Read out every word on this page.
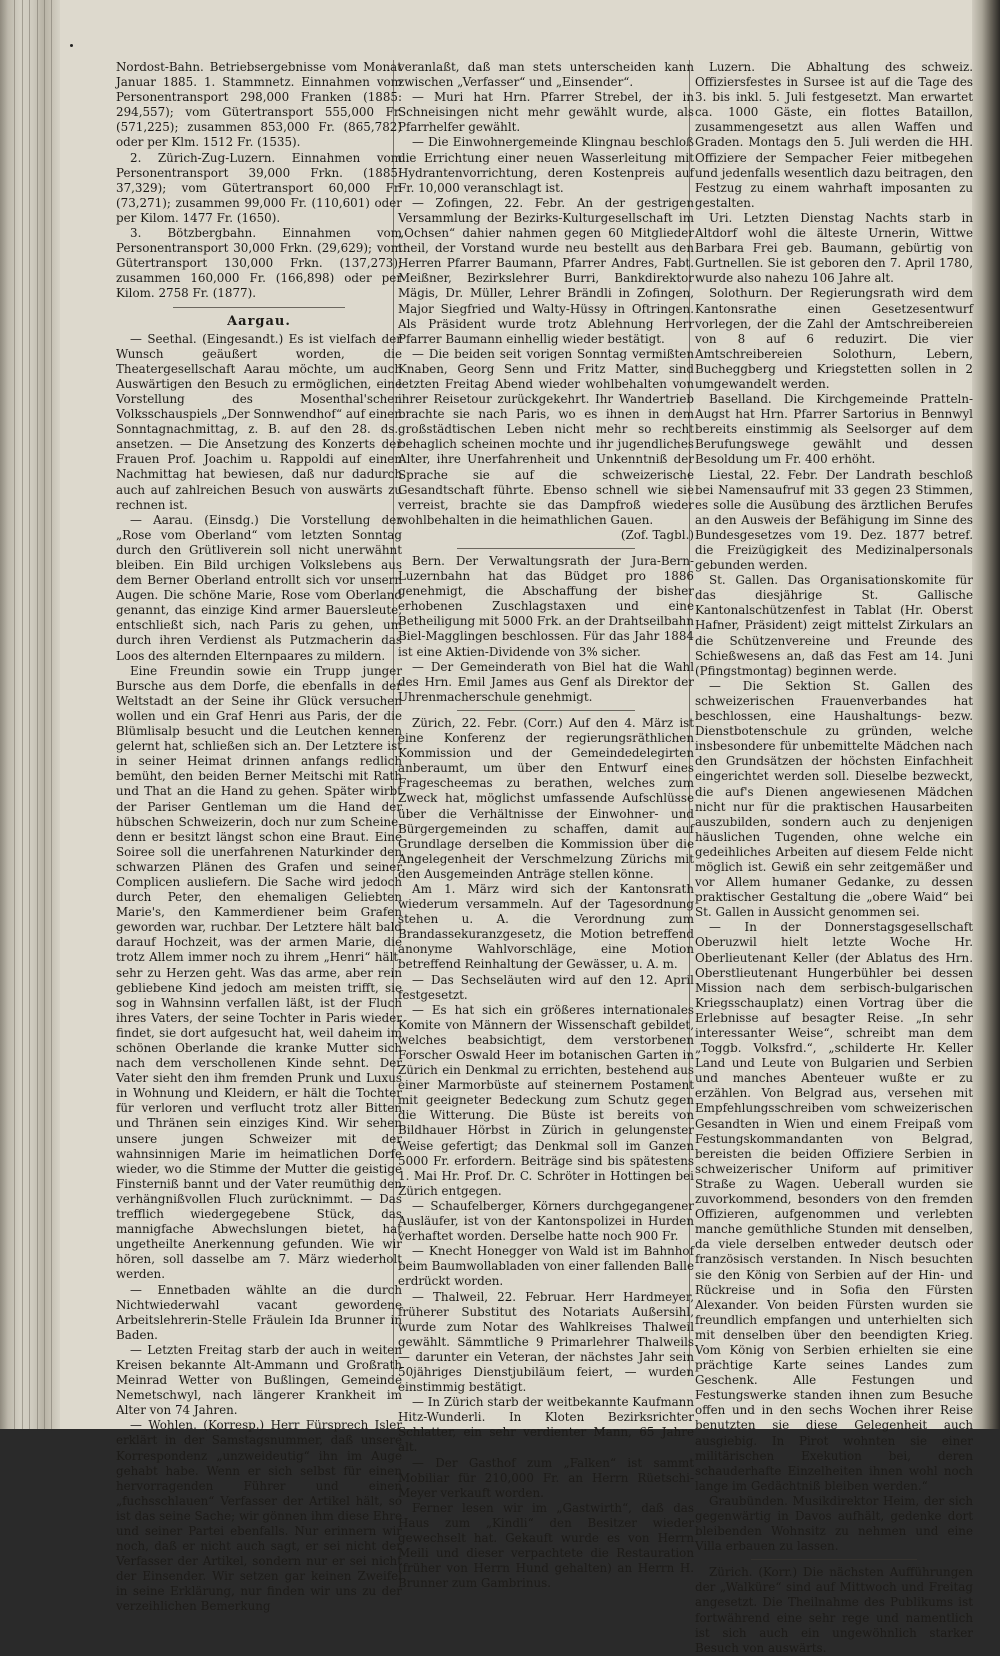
Nordost-Bahn. Betriebsergebnisse vom Monat Januar 1885. 1. Stammnetz. Einnahmen vom Personentransport 298,000 Franken (1885: 294,557); vom Gütertransport 555,000 Fr. (571,225); zusammen 853,000 Fr. (865,782) oder per Klm. 1512 Fr. (1535).

2. Zürich-Zug-Luzern. Einnahmen vom Personentransport 39,000 Frkn. (1885: 37,329); vom Gütertransport 60,000 Fr. (73,271); zusammen 99,000 Fr. (110,601) oder per Kilom. 1477 Fr. (1650).

3. Bötzbergbahn. Einnahmen vom Personentransport 30,000 Frkn. (29,629); vom Gütertransport 130,000 Frkn. (137,273); zusammen 160,000 Fr. (166,898) oder per Kilom. 2758 Fr. (1877).

Aargau.

— Seethal. (Eingesandt.) Es ist vielfach der Wunsch geäußert worden, die Theatergesellschaft Aarau möchte, um auch Auswärtigen den Besuch zu ermöglichen, eine Vorstellung des Mosenthal'schen Volksschauspiels „Der Sonnwendhof“ auf einen Sonntagnachmittag, z. B. auf den 28. ds., ansetzen. — Die Ansetzung des Konzerts der Frauen Prof. Joachim u. Rappoldi auf einen Nachmittag hat bewiesen, daß nur dadurch auch auf zahlreichen Besuch von auswärts zu rechnen ist.

— Aarau. (Einsdg.) Die Vorstellung der „Rose vom Oberland“ vom letzten Sonntag durch den Grütliverein soll nicht unerwähnt bleiben. Ein Bild urchigen Volkslebens aus dem Berner Oberland entrollt sich vor unsern Augen. Die schöne Marie, Rose vom Oberland genannt, das einzige Kind armer Bauersleute, entschließt sich, nach Paris zu gehen, um durch ihren Verdienst als Putzmacherin das Loos des alternden Elternpaares zu mildern.

Eine Freundin sowie ein Trupp junger Bursche aus dem Dorfe, die ebenfalls in der Weltstadt an der Seine ihr Glück versuchen wollen und ein Graf Henri aus Paris, der die Blümlisalp besucht und die Leutchen kennen gelernt hat, schließen sich an. Der Letztere ist in seiner Heimat drinnen anfangs redlich bemüht, den beiden Berner Meitschi mit Rath und That an die Hand zu gehen. Später wirbt der Pariser Gentleman um die Hand der hübschen Schweizerin, doch nur zum Scheine, denn er besitzt längst schon eine Braut. Eine Soiree soll die unerfahrenen Naturkinder den schwarzen Plänen des Grafen und seiner Complicen ausliefern. Die Sache wird jedoch durch Peter, den ehemaligen Geliebten Marie's, den Kammerdiener beim Grafen geworden war, ruchbar. Der Letztere hält bald darauf Hochzeit, was der armen Marie, die trotz Allem immer noch zu ihrem „Henri“ hält, sehr zu Herzen geht. Was das arme, aber rein gebliebene Kind jedoch am meisten trifft, sie sog in Wahnsinn verfallen läßt, ist der Fluch ihres Vaters, der seine Tochter in Paris wieder findet, sie dort aufgesucht hat, weil daheim im schönen Oberlande die kranke Mutter sich nach dem verschollenen Kinde sehnt. Der Vater sieht den ihm fremden Prunk und Luxus in Wohnung und Kleidern, er hält die Tochter für verloren und verflucht trotz aller Bitten und Thränen sein einziges Kind. Wir sehen unsere jungen Schweizer mit der wahnsinnigen Marie im heimatlichen Dorfe wieder, wo die Stimme der Mutter die geistige Finsterniß bannt und der Vater reumüthig den verhängnißvollen Fluch zurücknimmt. — Das trefflich wiedergegebene Stück, das mannigfache Abwechslungen bietet, hat ungetheilte Anerkennung gefunden. Wie wir hören, soll dasselbe am 7. März wiederholt werden.

— Ennetbaden wählte an die durch Nichtwiederwahl vacant gewordene Arbeitslehrerin-Stelle Fräulein Ida Brunner in Baden.

— Letzten Freitag starb der auch in weiten Kreisen bekannte Alt-Ammann und Großrath Meinrad Wetter von Bußlingen, Gemeinde Nemetschwyl, nach längerer Krankheit im Alter von 74 Jahren.

— Wohlen. (Korresp.) Herr Fürsprech Isler erklärt in der Samstagsnummer, daß unsere Korrespondenz „unzweideutig“ ihn im Auge gehabt habe. Wenn er sich selbst für einen hervorragenden Führer und einen „fuchsschlauen“ Verfasser der Artikel hält, so ist das seine Sache; wir gönnen ihm diese Ehre und seiner Partei ebenfalls. Nur erinnern wir noch, daß er nicht auch sagt, er sei nicht der Verfasser der Artikel, sondern nur er sei nicht der Einsender. Wir setzen gar keinen Zweifel in seine Erklärung, nur finden wir uns zu der verzeihlichen Bemerkung

veranlaßt, daß man stets unterscheiden kann zwischen „Verfasser“ und „Einsender“.

— Muri hat Hrn. Pfarrer Strebel, der in Schneisingen nicht mehr gewählt wurde, als Pfarrhelfer gewählt.

— Die Einwohnergemeinde Klingnau beschloß die Errichtung einer neuen Wasserleitung mit Hydrantenvorrichtung, deren Kostenpreis auf Fr. 10,000 veranschlagt ist.

— Zofingen, 22. Febr. An der gestrigen Versammlung der Bezirks-Kulturgesellschaft im „Ochsen“ dahier nahmen gegen 60 Mitglieder theil, der Vorstand wurde neu bestellt aus den Herren Pfarrer Baumann, Pfarrer Andres, Fabt. Meißner, Bezirkslehrer Burri, Bankdirektor Mägis, Dr. Müller, Lehrer Brändli in Zofingen, Major Siegfried und Walty-Hüssy in Oftringen. Als Präsident wurde trotz Ablehnung Herr Pfarrer Baumann einhellig wieder bestätigt.

— Die beiden seit vorigen Sonntag vermißten Knaben, Georg Senn und Fritz Matter, sind letzten Freitag Abend wieder wohlbehalten von ihrer Reisetour zurückgekehrt. Ihr Wandertrieb brachte sie nach Paris, wo es ihnen in dem großstädtischen Leben nicht mehr so recht behaglich scheinen mochte und ihr jugendliches Alter, ihre Unerfahrenheit und Unkenntniß der Sprache sie auf die schweizerische Gesandtschaft führte. Ebenso schnell wie sie verreist, brachte sie das Dampfroß wieder wohlbehalten in die heimathlichen Gauen.

(Zof. Tagbl.)

Bern. Der Verwaltungsrath der Jura-Bern-Luzernbahn hat das Büdget pro 1886 genehmigt, die Abschaffung der bisher erhobenen Zuschlagstaxen und eine Betheiligung mit 5000 Frk. an der Drahtseilbahn Biel-Magglingen beschlossen. Für das Jahr 1884 ist eine Aktien-Dividende von 3% sicher.

— Der Gemeinderath von Biel hat die Wahl des Hrn. Emil James aus Genf als Direktor der Uhrenmacherschule genehmigt.

Zürich, 22. Febr. (Corr.) Auf den 4. März ist eine Konferenz der regierungsräthlichen Kommission und der Gemeindedelegirten anberaumt, um über den Entwurf eines Fragescheemas zu berathen, welches zum Zweck hat, möglichst umfassende Aufschlüsse über die Verhältnisse der Einwohner- und Bürgergemeinden zu schaffen, damit auf Grundlage derselben die Kommission über die Angelegenheit der Verschmelzung Zürichs mit den Ausgemeinden Anträge stellen könne.

Am 1. März wird sich der Kantonsrath wiederum versammeln. Auf der Tagesordnung stehen u. A. die Verordnung zum Brandassekuranzgesetz, die Motion betreffend anonyme Wahlvorschläge, eine Motion betreffend Reinhaltung der Gewässer, u. A. m.

— Das Sechseläuten wird auf den 12. April festgesetzt.

— Es hat sich ein größeres internationales Komite von Männern der Wissenschaft gebildet, welches beabsichtigt, dem verstorbenen Forscher Oswald Heer im botanischen Garten in Zürich ein Denkmal zu errichten, bestehend aus einer Marmorbüste auf steinernem Postament mit geeigneter Bedeckung zum Schutz gegen die Witterung. Die Büste ist bereits von Bildhauer Hörbst in Zürich in gelungenster Weise gefertigt; das Denkmal soll im Ganzen 5000 Fr. erfordern. Beiträge sind bis spätestens 1. Mai Hr. Prof. Dr. C. Schröter in Hottingen bei Zürich entgegen.

— Schaufelberger, Körners durchgegangener Ausläufer, ist von der Kantonspolizei in Hurden verhaftet worden. Derselbe hatte noch 900 Fr.

— Knecht Honegger von Wald ist im Bahnhof beim Baumwollabladen von einer fallenden Balle erdrückt worden.

— Thalweil, 22. Februar. Herr Hardmeyer, früherer Substitut des Notariats Außersihl, wurde zum Notar des Wahlkreises Thalweil gewählt. Sämmtliche 9 Primarlehrer Thalweils — darunter ein Veteran, der nächstes Jahr sein 50jähriges Dienstjubiläum feiert, — wurden einstimmig bestätigt.

— In Zürich starb der weitbekannte Kaufmann Hitz-Wunderli. In Kloten Bezirksrichter Schlatter, ein sehr verdienter Mann, 65 Jahre alt.

— Der Gasthof zum „Falken“ ist sammt Mobiliar für 210,000 Fr. an Herrn Rüetschi-Meyer verkauft worden.

Ferner lesen wir im „Gastwirth“, daß das Haus zum „Kindli“ den Besitzer wieder gewechselt hat. Gekauft wurde es von Herrn Meili und dieser verpachtete die Restauration (früher von Herrn Hund gehalten) an Herrn H. Brunner zum Gambrinus.

Luzern. Die Abhaltung des schweiz. Offiziersfestes in Sursee ist auf die Tage des 3. bis inkl. 5. Juli festgesetzt. Man erwartet ca. 1000 Gäste, ein flottes Bataillon, zusammengesetzt aus allen Waffen und Graden. Montags den 5. Juli werden die HH. Offiziere der Sempacher Feier mitbegehen und jedenfalls wesentlich dazu beitragen, den Festzug zu einem wahrhaft imposanten zu gestalten.

Uri. Letzten Dienstag Nachts starb in Altdorf wohl die älteste Urnerin, Wittwe Barbara Frei geb. Baumann, gebürtig von Gurtnellen. Sie ist geboren den 7. April 1780, wurde also nahezu 106 Jahre alt.

Solothurn. Der Regierungsrath wird dem Kantonsrathe einen Gesetzesentwurf vorlegen, der die Zahl der Amtschreibereien von 8 auf 6 reduzirt. Die vier Amtschreibereien Solothurn, Lebern, Bucheggberg und Kriegstetten sollen in 2 umgewandelt werden.

Baselland. Die Kirchgemeinde Pratteln-Augst hat Hrn. Pfarrer Sartorius in Bennwyl bereits einstimmig als Seelsorger auf dem Berufungswege gewählt und dessen Besoldung um Fr. 400 erhöht.

Liestal, 22. Febr. Der Landrath beschloß bei Namensaufruf mit 33 gegen 23 Stimmen, es solle die Ausübung des ärztlichen Berufes an den Ausweis der Befähigung im Sinne des Bundesgesetzes vom 19. Dez. 1877 betref. die Freizügigkeit des Medizinalpersonals gebunden werden.

St. Gallen. Das Organisationskomite für das diesjährige St. Gallische Kantonalschützenfest in Tablat (Hr. Oberst Hafner, Präsident) zeigt mittelst Zirkulars an die Schützenvereine und Freunde des Schießwesens an, daß das Fest am 14. Juni (Pfingstmontag) beginnen werde.

— Die Sektion St. Gallen des schweizerischen Frauenverbandes hat beschlossen, eine Haushaltungs- bezw. Dienstbotenschule zu gründen, welche insbesondere für unbemittelte Mädchen nach den Grundsätzen der höchsten Einfachheit eingerichtet werden soll. Dieselbe bezweckt, die auf's Dienen angewiesenen Mädchen nicht nur für die praktischen Hausarbeiten auszubilden, sondern auch zu denjenigen häuslichen Tugenden, ohne welche ein gedeihliches Arbeiten auf diesem Felde nicht möglich ist. Gewiß ein sehr zeitgemäßer und vor Allem humaner Gedanke, zu dessen praktischer Gestaltung die „obere Waid“ bei St. Gallen in Aussicht genommen sei.

— In der Donnerstagsgesellschaft Oberuzwil hielt letzte Woche Hr. Oberlieutenant Keller (der Ablatus des Hrn. Oberstlieutenant Hungerbühler bei dessen Mission nach dem serbisch-bulgarischen Kriegsschauplatz) einen Vortrag über die Erlebnisse auf besagter Reise. „In sehr interessanter Weise“, schreibt man dem „Toggb. Volksfrd.“, „schilderte Hr. Keller Land und Leute von Bulgarien und Serbien und manches Abenteuer wußte er zu erzählen. Von Belgrad aus, versehen mit Empfehlungsschreiben vom schweizerischen Gesandten in Wien und einem Freipaß vom Festungskommandanten von Belgrad, bereisten die beiden Offiziere Serbien in schweizerischer Uniform auf primitiver Straße zu Wagen. Ueberall wurden sie zuvorkommend, besonders von den fremden Offizieren, aufgenommen und verlebten manche gemüthliche Stunden mit denselben, da viele derselben entweder deutsch oder französisch verstanden. In Nisch besuchten sie den König von Serbien auf der Hin- und Rückreise und in Sofia den Fürsten Alexander. Von beiden Fürsten wurden sie freundlich empfangen und unterhielten sich mit denselben über den beendigten Krieg. Vom König von Serbien erhielten sie eine prächtige Karte seines Landes zum Geschenk. Alle Festungen und Festungswerke standen ihnen zum Besuche offen und in den sechs Wochen ihrer Reise benutzten sie diese Gelegenheit auch ausgiebig. In Pirot wohnten sie einer militärischen Exekution bei, deren schauderhafte Einzelheiten ihnen wohl noch lange im Gedächtniß bleiben werden.“

Graubünden. Musikdirektor Heim, der sich gegenwärtig in Davos aufhält, gedenke dort bleibenden Wohnsitz zu nehmen und eine Villa erbauen zu lassen.

Zürich. (Korr.) Die nächsten Aufführungen der „Walküre“ sind auf Mittwoch und Freitag angesetzt. Die Theilnahme des Publikums ist fortwährend eine sehr rege und namentlich ist sich auch ein ungewöhnlich starker Besuch von auswärts.
